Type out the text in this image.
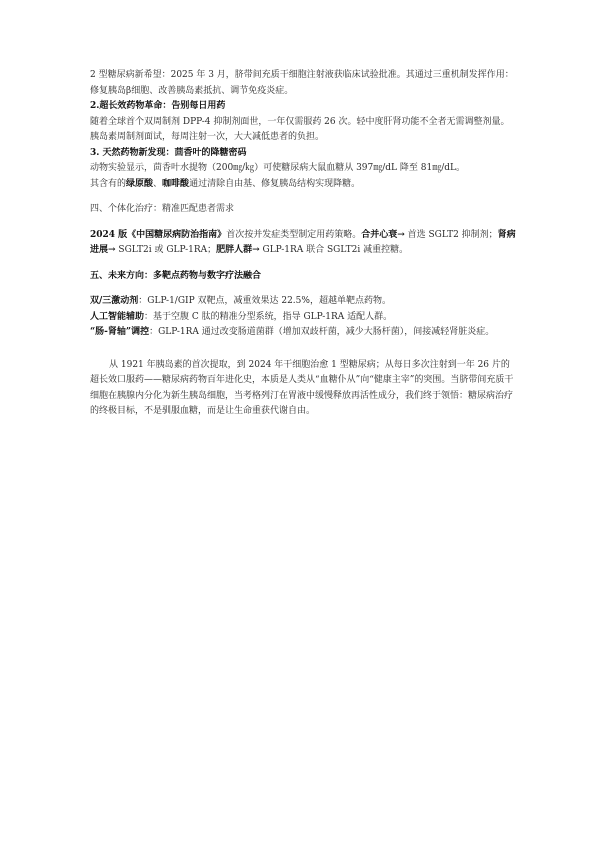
2 型糖尿病新希望：2025 年 3 月，脐带间充质干细胞注射液获临床试验批准。其通过三重机制发挥作用：修复胰岛β细胞、改善胰岛素抵抗、调节免疫炎症。

2.超长效药物革命：告别每日用药

随着全球首个双周制剂 DPP-4 抑制剂面世，一年仅需服药 26 次。轻中度肝肾功能不全者无需调整剂量。

胰岛素周制剂面试，每周注射一次，大大减低患者的负担。

3. 天然药物新发现：茴香叶的降糖密码

动物实验显示，茴香叶水提物（200㎎/㎏）可使糖尿病大鼠血糖从 397㎎/dL 降至 81㎎/dL。

其含有的绿原酸、咖啡酸通过清除自由基、修复胰岛结构实现降糖。

四、个体化治疗：精准匹配患者需求

2024 版《中国糖尿病防治指南》首次按并发症类型制定用药策略。合并心衰→ 首选 SGLT2 抑制剂；肾病进展→ SGLT2i 或 GLP-1RA；肥胖人群→ GLP-1RA 联合 SGLT2i 减重控糖。

五、未来方向：多靶点药物与数字疗法融合

双/三激动剂：GLP-1/GIP 双靶点，减重效果达 22.5%，超越单靶点药物。

人工智能辅助：基于空腹 C 肽的精准分型系统，指导 GLP-1RA 适配人群。

“肠-肾轴”调控：GLP-1RA 通过改变肠道菌群（增加双歧杆菌，减少大肠杆菌），间接减轻肾脏炎症。

从 1921 年胰岛素的首次提取，到 2024 年干细胞治愈 1 型糖尿病；从每日多次注射到一年 26 片的超长效口服药——糖尿病药物百年进化史，本质是人类从“血糖仆从”向“健康主宰”的突围。当脐带间充质干细胞在胰腺内分化为新生胰岛细胞，当考格列汀在胃液中缓慢释放再活性成分，我们终于领悟：糖尿病治疗的终极目标，不是驯服血糖，而是让生命重获代谢自由。
